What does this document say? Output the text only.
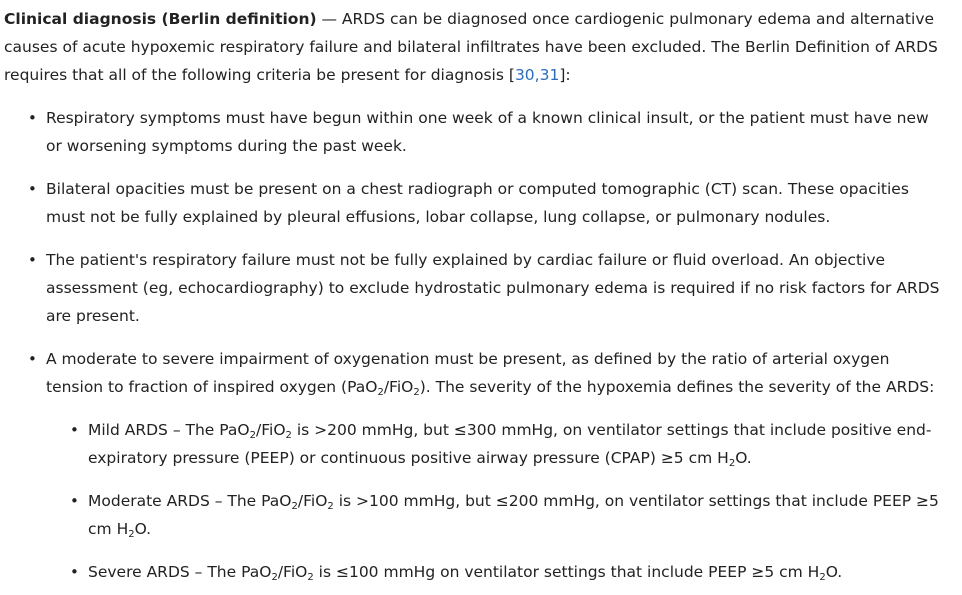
Clinical diagnosis (Berlin definition) — ARDS can be diagnosed once cardiogenic pulmonary edema and alternative causes of acute hypoxemic respiratory failure and bilateral infiltrates have been excluded. The Berlin Definition of ARDS requires that all of the following criteria be present for diagnosis [30,31]:

• Respiratory symptoms must have begun within one week of a known clinical insult, or the patient must have new or worsening symptoms during the past week.
• Bilateral opacities must be present on a chest radiograph or computed tomographic (CT) scan. These opacities must not be fully explained by pleural effusions, lobar collapse, lung collapse, or pulmonary nodules.
• The patient's respiratory failure must not be fully explained by cardiac failure or fluid overload. An objective assessment (eg, echocardiography) to exclude hydrostatic pulmonary edema is required if no risk factors for ARDS are present.
• A moderate to severe impairment of oxygenation must be present, as defined by the ratio of arterial oxygen tension to fraction of inspired oxygen (PaO$_2$/FiO$_2$). The severity of the hypoxemia defines the severity of the ARDS:
• Mild ARDS – The PaO$_2$/FiO$_2$ is >200 mmHg, but ≤300 mmHg, on ventilator settings that include positive end-expiratory pressure (PEEP) or continuous positive airway pressure (CPAP) ≥5 cm $H_2O$.
• Moderate ARDS – The PaO$_2$/FiO$_2$ is >100 mmHg, but ≤200 mmHg, on ventilator settings that include PEEP ≥5 cm $H_2O$.
• Severe ARDS – The PaO$_2$/FiO$_2$ is ≤100 mmHg on ventilator settings that include PEEP ≥5 cm $H_2O$.
